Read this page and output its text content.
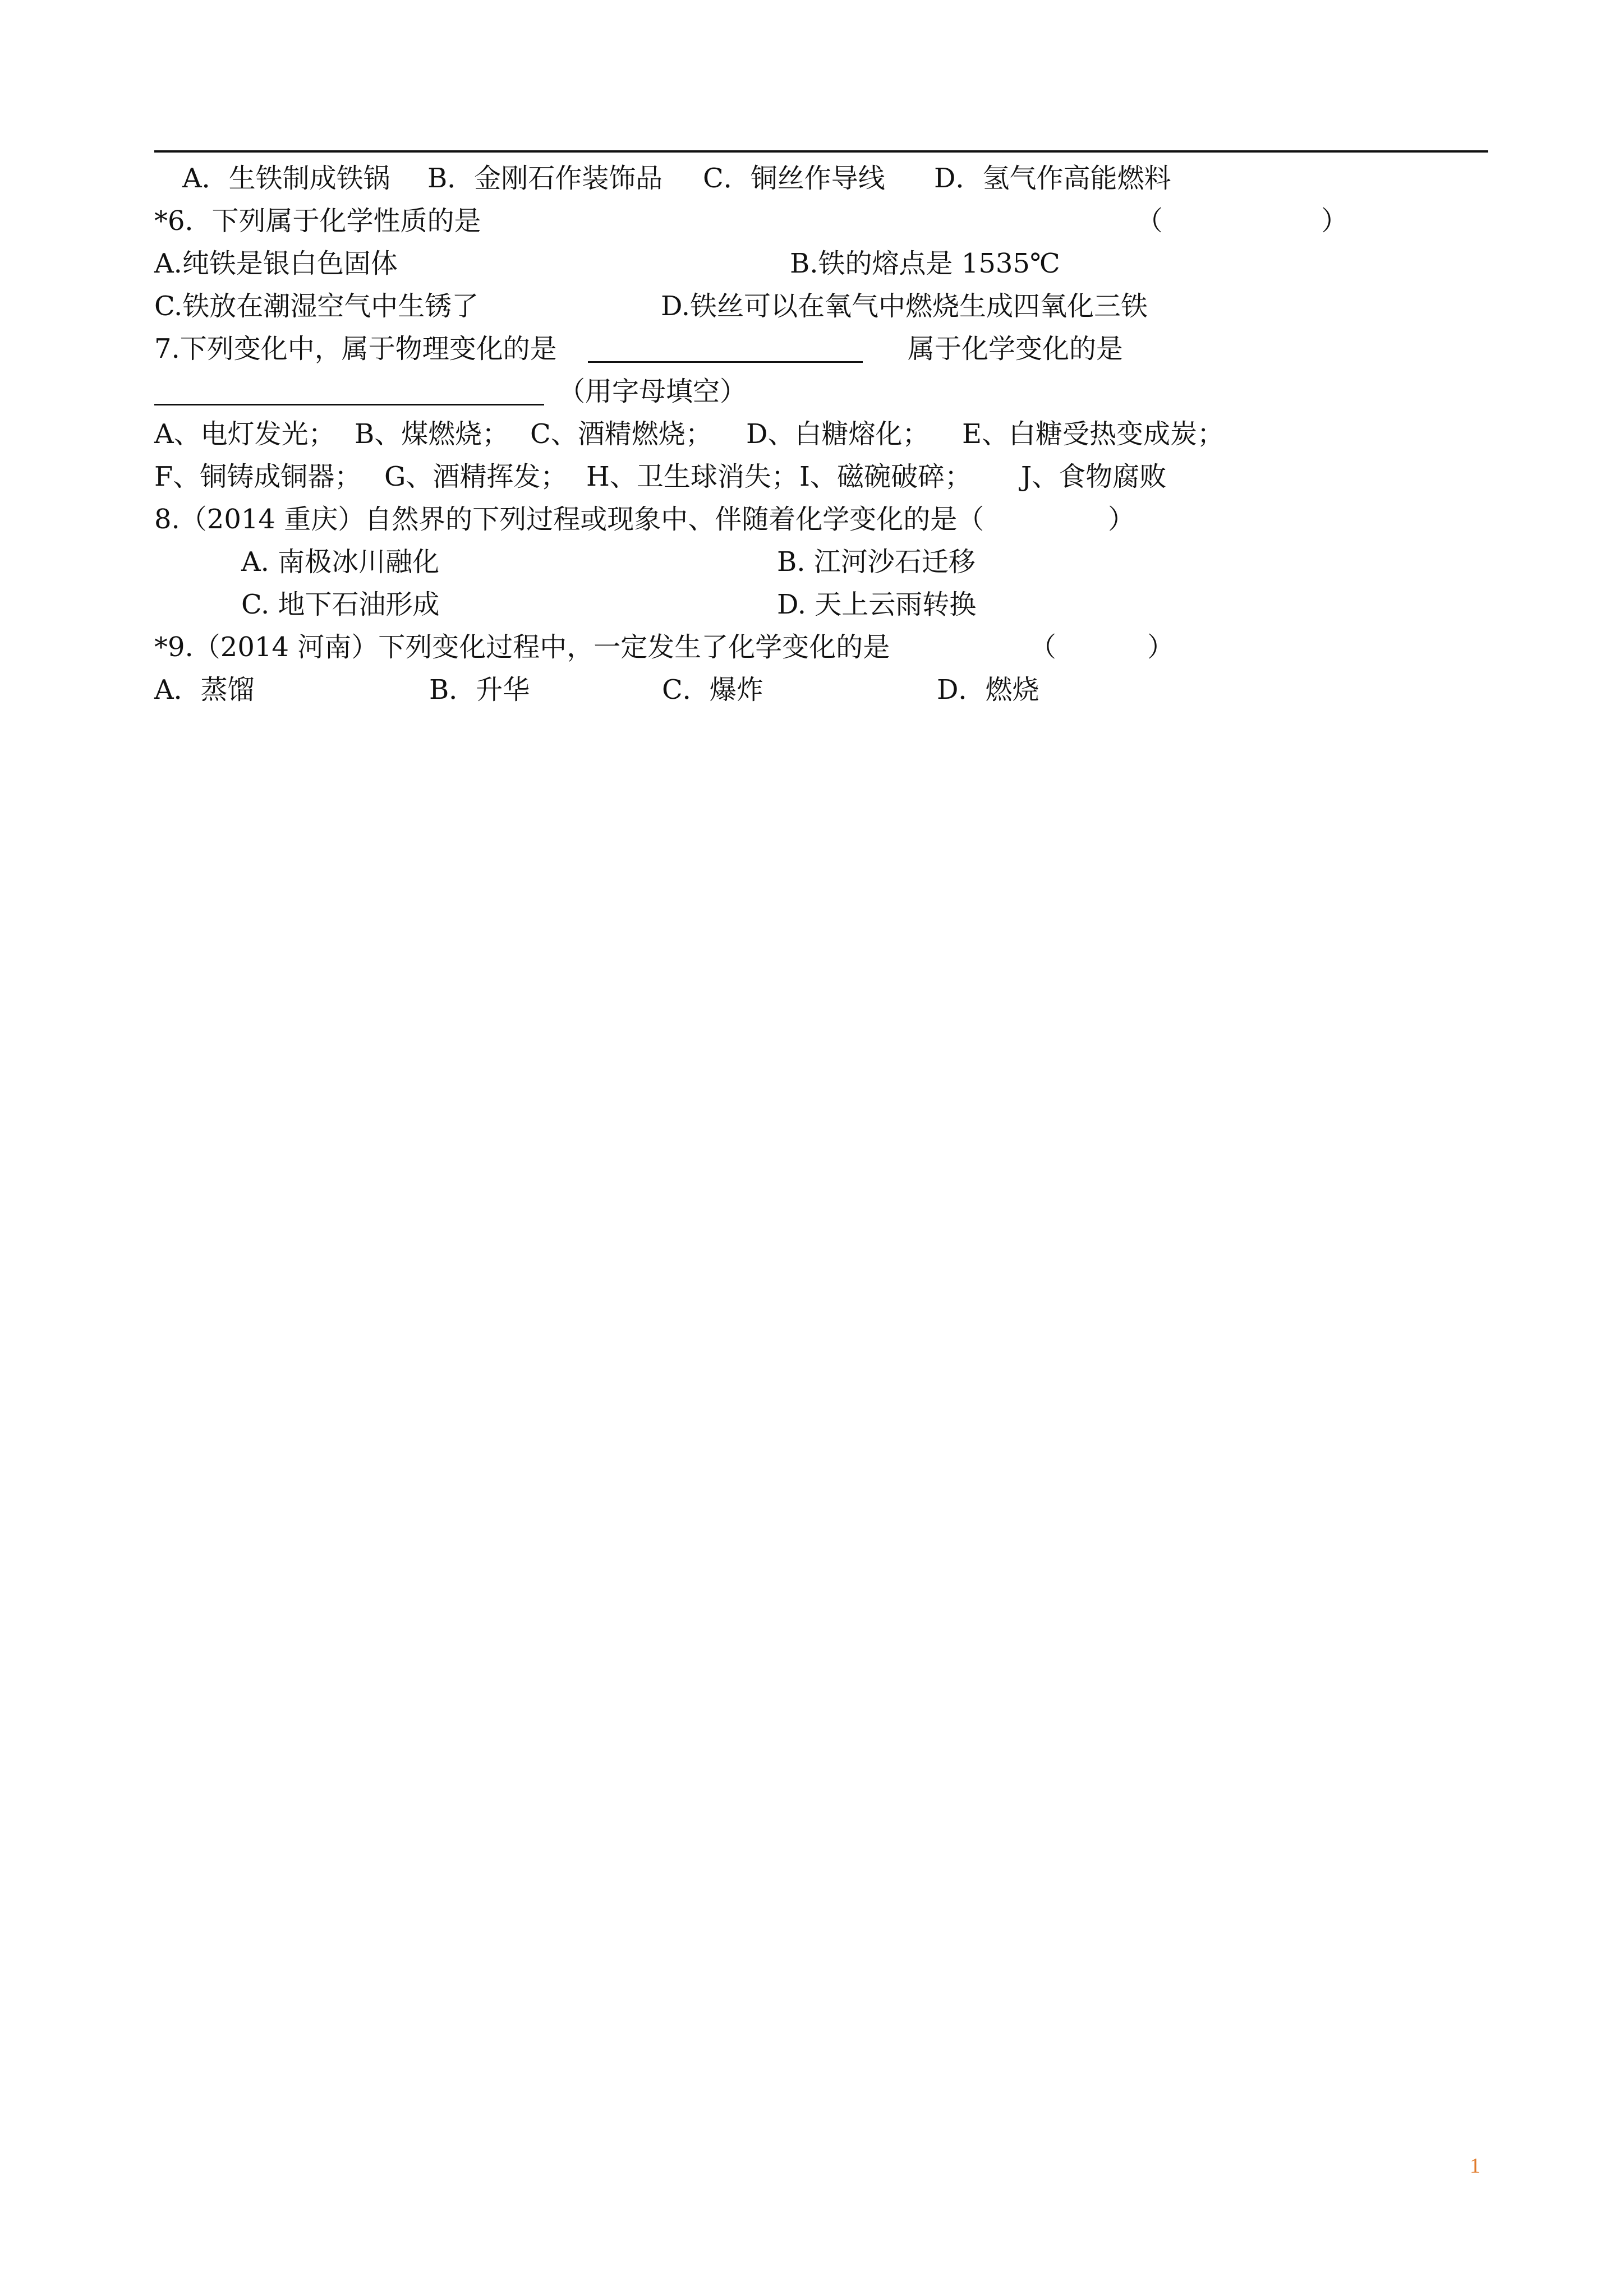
A．生铁制成铁锅 B．金刚石作装饰品 C．铜丝作导线 D．氢气作高能燃料
*6．下列属于化学性质的是	（	）
A.纯铁是银白色固体	B.铁的熔点是 1535℃
C.铁放在潮湿空气中生锈了	D.铁丝可以在氧气中燃烧生成四氧化三铁
7.下列变化中，属于物理变化的是	属于化学变化的是
（用字母填空）
A、电灯发光； B、煤燃烧； C、酒精燃烧； D、白糖熔化； E、白糖受热变成炭；
F、铜铸成铜器； G、酒精挥发； H、卫生球消失； I、磁碗破碎； J、食物腐败
8.（2014 重庆）自然界的下列过程或现象中、伴随着化学变化的是（	）
A. 南极冰川融化	B. 江河沙石迁移
C. 地下石油形成	D. 天上云雨转换
*9.（2014 河南）下列变化过程中，一定发生了化学变化的是	（	）
A．蒸馏	B．升华	C．爆炸	D．燃烧
1
